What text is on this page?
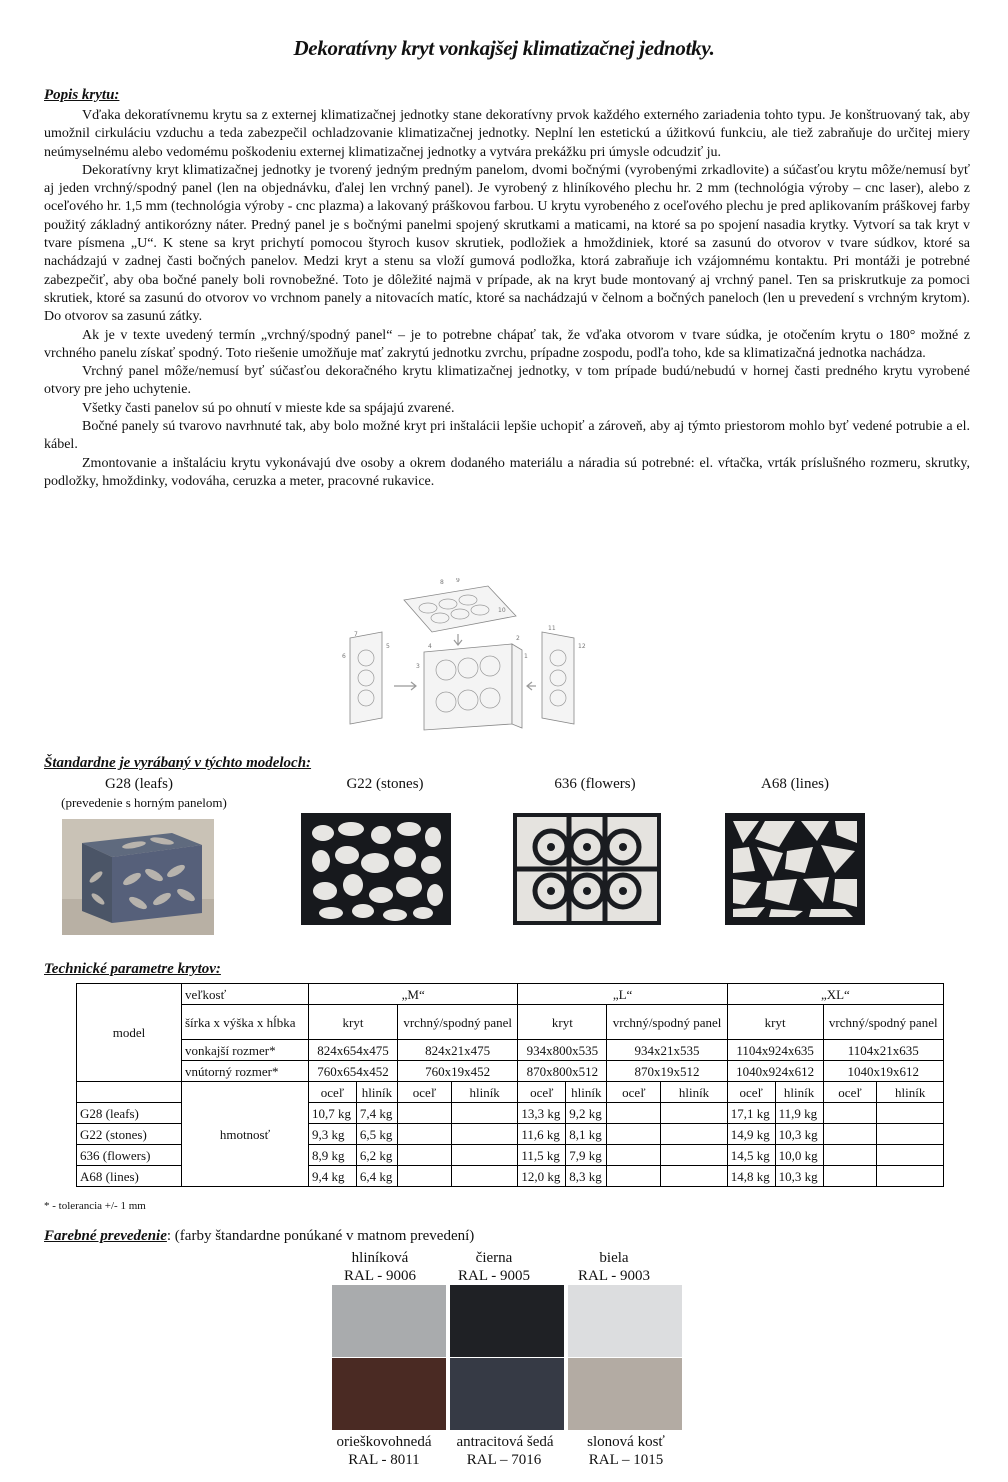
Dekoratívny kryt vonkajšej klimatizačnej jednotky.
Popis krytu:

Vďaka dekoratívnemu krytu sa z externej klimatizačnej jednotky stane dekoratívny prvok každého externého zariadenia tohto typu. Je konštruovaný tak, aby umožnil cirkuláciu vzduchu a teda zabezpečil ochladzovanie klimatizačnej jednotky. Neplní len estetickú a úžitkovú funkciu, ale tiež zabraňuje do určitej miery neúmyselnému alebo vedomému poškodeniu externej klimatizačnej jednotky a vytvára prekážku pri úmysle odcudziť ju.

Dekoratívny kryt klimatizačnej jednotky je tvorený jedným predným panelom, dvomi bočnými (vyrobenými zrkadlovite) a súčasťou krytu môže/nemusí byť aj jeden vrchný/spodný panel (len na objednávku, ďalej len vrchný panel). Je vyrobený z hliníkového plechu hr. 2 mm (technológia výroby – cnc laser), alebo z oceľového hr. 1,5 mm (technológia výroby - cnc plazma) a lakovaný práškovou farbou. U krytu vyrobeného z oceľového plechu je pred aplikovaním práškovej farby použitý základný antikorózny náter. Predný panel je s bočnými panelmi spojený skrutkami a maticami, na ktoré sa po spojení nasadia krytky. Vytvorí sa tak kryt v tvare písmena „U“. K stene sa kryt prichytí pomocou štyroch kusov skrutiek, podložiek a hmoždiniek, ktoré sa zasunú do otvorov v tvare súdkov, ktoré sa nachádzajú v zadnej časti bočných panelov. Medzi kryt a stenu sa vloží gumová podložka, ktorá zabraňuje ich vzájomnému kontaktu. Pri montáži je potrebné zabezpečiť, aby oba bočné panely boli rovnobežné. Toto je dôležité najmä v prípade, ak na kryt bude montovaný aj vrchný panel. Ten sa priskrutkuje za pomoci skrutiek, ktoré sa zasunú do otvorov vo vrchnom panely a nitovacích matíc, ktoré sa nachádzajú v čelnom a bočných paneloch (len u prevedení s vrchným krytom). Do otvorov sa zasunú zátky.

Ak je v texte uvedený termín „vrchný/spodný panel“ – je to potrebne chápať tak, že vďaka otvorom v tvare súdka, je otočením krytu o 180° možné z vrchného panelu získať spodný. Toto riešenie umožňuje mať zakrytú jednotku zvrchu, prípadne zospodu, podľa toho, kde sa klimatizačná jednotka nachádza.

Vrchný panel môže/nemusí byť súčasťou dekoračného krytu klimatizačnej jednotky, v tom prípade budú/nebudú v hornej časti predného krytu vyrobené otvory pre jeho uchytenie.

Všetky časti panelov sú po ohnutí v mieste kde sa spájajú zvarené.

Bočné panely sú tvarovo navrhnuté tak, aby bolo možné kryt pri inštalácii lepšie uchopiť a zároveň, aby aj týmto priestorom mohlo byť vedené potrubie a el. kábel.

Zmontovanie a inštaláciu krytu vykonávajú dve osoby a okrem dodaného materiálu a náradia sú potrebné: el. vŕtačka, vrták príslušného rozmeru, skrutky, podložky, hmoždinky, vodováha, ceruzka a meter, pracovné rukavice.

8 9
10
7
6
5	4
3
2
1
11
12
Štandardne je vyrábaný v týchto modeloch:
G28 (leafs)
(prevedenie s horným panelom)
G22 (stones)	636 (flowers)	A68 (lines)
Technické parametre krytov:
model	veľkosť	„M“				„L“				„XL“			
	šírka x výška x hĺbka	kryt		vrchný/spodný panel		kryt		vrchný/spodný panel		kryt		vrchný/spodný panel	
	vonkajší rozmer*	824x654x475		824x21x475		934x800x535		934x21x535		1104x924x635		1104x21x635	
	vnútorný rozmer*	760x654x452		760x19x452		870x800x512		870x19x512		1040x924x612		1040x19x612	
	hmotnosť	oceľ	hliník	oceľ	hliník	oceľ	hliník	oceľ	hliník	oceľ	hliník	oceľ	hliník
G28 (leafs)		10,7 kg	7,4 kg			13,3 kg	9,2 kg			17,1 kg	11,9 kg		
G22 (stones)		9,3 kg	6,5 kg			11,6 kg	8,1 kg			14,9 kg	10,3 kg		
636 (flowers)		8,9 kg	6,2 kg			11,5 kg	7,9 kg			14,5 kg	10,0 kg		
A68 (lines)		9,4 kg	6,4 kg			12,0 kg	8,3 kg			14,8 kg	10,3 kg		
* - tolerancia +/- 1 mm
Farebné prevedenie: (farby štandardne ponúkané v matnom prevedení)
hliníková
RAL - 9006
čierna
RAL - 9005
biela
RAL - 9003
orieškovohnedá
RAL - 8011
antracitová šedá
RAL – 7016
slonová kosť
RAL – 1015
